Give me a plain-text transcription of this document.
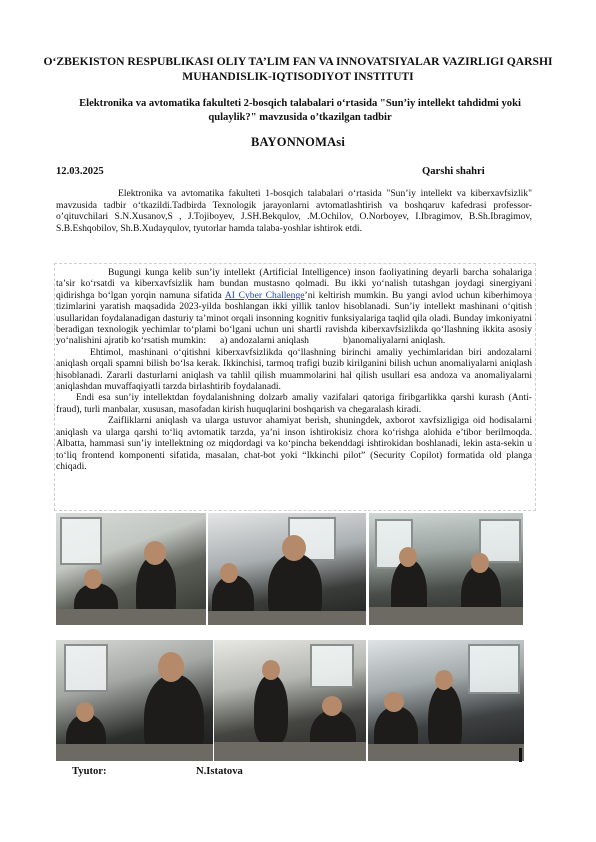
O‘ZBEKISTON RESPUBLIKASI OLIY TA’LIM FAN VA INNOVATSIYALAR VAZIRLIGI QARSHI MUHANDISLIK-IQTISODIYOT INSTITUTI
Elektronika va avtomatika fakulteti 2-bosqich talabalari o‘rtasida "Sun’iy intellekt tahdidmi yoki qulaylik?" mavzusida o’tkazilgan tadbir
BAYONNOMAsi
12.03.2025	Qarshi shahri

Elektronika va avtomatika fakulteti 1-bosqich talabalari o‘rtasida "Sun’iy intellekt va kiberxavfsizlik" mavzusida tadbir o‘tkazildi.Tadbirda Texnologik jarayonlarni avtomatlashtirish va boshqaruv kafedrasi professor-o’qituvchilari S.N.Xusanov,S , J.Tojiboyev, J.SH.Bekqulov, .M.Ochilov, O.Norboyev, I.Ibragimov, B.Sh.Ibragimov, S.B.Eshqobilov, Sh.B.Xudayqulov, tyutorlar hamda talaba-yoshlar ishtirok etdi.

Bugungi kunga kelib sun’iy intellekt (Artificial Intelligence) inson faoliyatining deyarli barcha sohalariga ta’sir ko‘rsatdi va kiberxavfsizlik ham bundan mustasno qolmadi. Bu ikki yo‘nalish tutashgan joydagi sinergiyani qidirishga bo‘lgan yorqin namuna sifatida AI Cyber Challenge’ni keltirish mumkin. Bu yangi avlod uchun kiberhimoya tizimlarini yaratish maqsadida 2023-yilda boshlangan ikki yillik tanlov hisoblanadi. Sun’iy intellekt mashinani o‘qitish usullaridan foydalanadigan dasturiy ta’minot orqali insonning kognitiv funksiyalariga taqlid qila oladi. Bunday imkoniyatni beradigan texnologik yechimlar to‘plami bo‘lgani uchun uni shartli ravishda kiberxavfsizlikda qo‘llashning ikkita asosiy yo‘nalishini ajratib ko‘rsatish mumkin: a) andozalarni aniqlash	b)anomaliyalarni aniqlash.

Ehtimol, mashinani o‘qitishni kiberxavfsizlikda qo‘llashning birinchi amaliy yechimlaridan biri andozalarni aniqlash orqali spamni bilish bo‘lsa kerak. Ikkinchisi, tarmoq trafigi buzib kirilganini bilish uchun anomaliyalarni aniqlash hisoblanadi. Zararli dasturlarni aniqlash va tahlil qilish muammolarini hal qilish usullari esa andoza va anomaliyalarni aniqlashdan muvaffaqiyatli tarzda birlashtirib foydalanadi.

Endi esa sun’iy intellektdan foydalanishning dolzarb amaliy vazifalari qatoriga firibgarlikka qarshi kurash (Anti-fraud), turli manbalar, xususan, masofadan kirish huquqlarini boshqarish va chegaralash kiradi.

Zaifliklarni aniqlash va ularga ustuvor ahamiyat berish, shuningdek, axborot xavfsizligiga oid hodisalarni aniqlash va ularga qarshi to‘liq avtomatik tarzda, ya’ni inson ishtirokisiz chora ko‘rishga alohida e’tibor berilmoqda. Albatta, hammasi sun’iy intellektning oz miqdordagi va ko‘pincha bekenddagi ishtirokidan boshlanadi, lekin asta-sekin u to‘liq frontend komponenti sifatida, masalan, chat-bot yoki “Ikkinchi pilot” (Security Copilot) formatida old planga chiqadi.

Tyutor:	N.Istatova
